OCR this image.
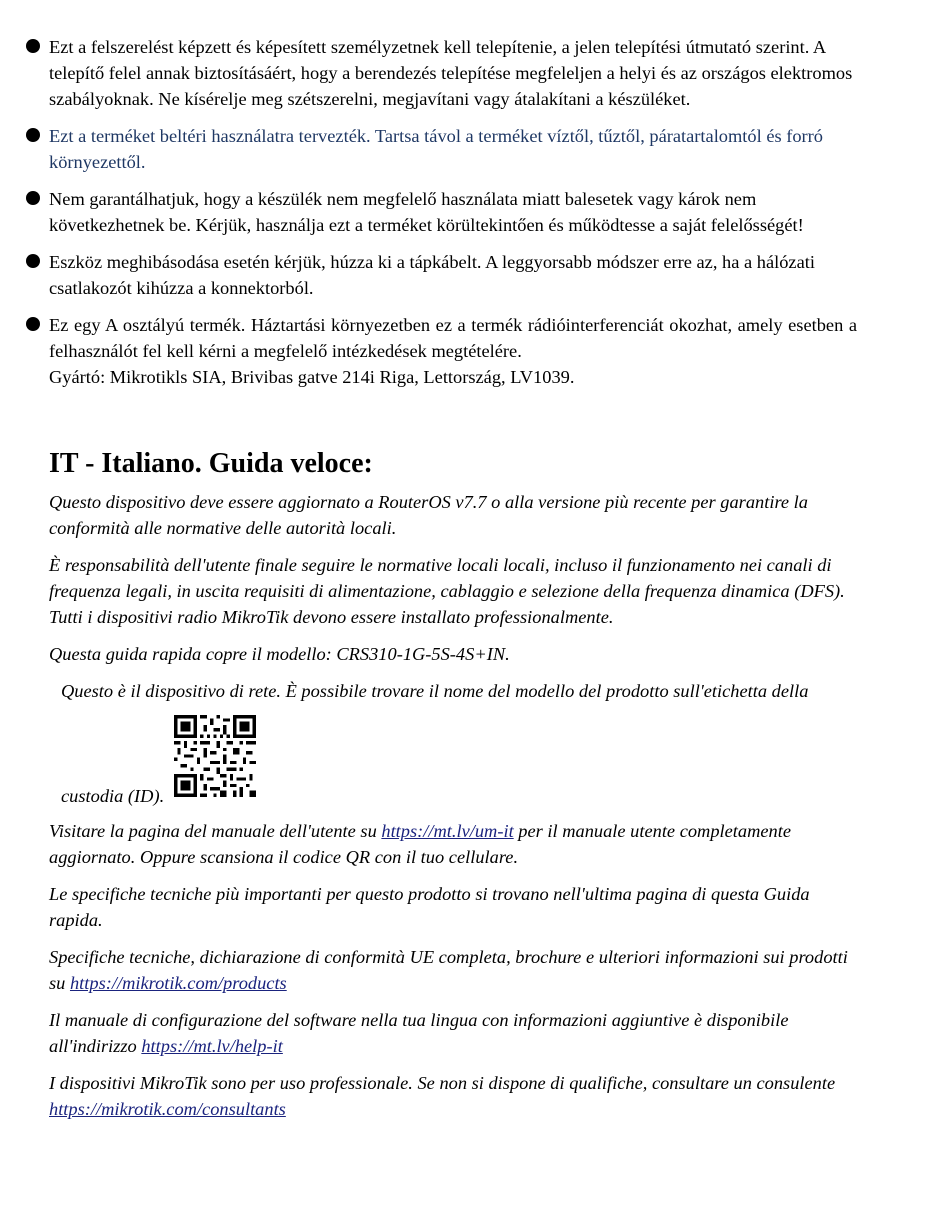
Ezt a felszerelést képzett és képesített személyzetnek kell telepítenie, a jelen telepítési útmutató szerint. A telepítő felel annak biztosításáért, hogy a berendezés telepítése megfeleljen a helyi és az országos elektromos szabályoknak. Ne kísérelje meg szétszerelni, megjavítani vagy átalakítani a készüléket.
Ezt a terméket beltéri használatra tervezték. Tartsa távol a terméket víztől, tűztől, páratartalomtól és forró környezettől.
Nem garantálhatjuk, hogy a készülék nem megfelelő használata miatt balesetek vagy károk nem következhetnek be. Kérjük, használja ezt a terméket körültekintően és működtesse a saját felelősségét!
Eszköz meghibásodása esetén kérjük, húzza ki a tápkábelt. A leggyorsabb módszer erre az, ha a hálózati csatlakozót kihúzza a konnektorból.
Ez egy A osztályú termék. Háztartási környezetben ez a termék rádióinterferenciát okozhat, amely esetben a felhasználót fel kell kérni a megfelelő intézkedések megtételére.
Gyártó: Mikrotikls SIA, Brivibas gatve 214i Riga, Lettország, LV1039.
IT - Italiano. Guida veloce:

Questo dispositivo deve essere aggiornato a RouterOS v7.7 o alla versione più recente per garantire la conformità alle normative delle autorità locali.

È responsabilità dell'utente finale seguire le normative locali locali, incluso il funzionamento nei canali di frequenza legali, in uscita requisiti di alimentazione, cablaggio e selezione della frequenza dinamica (DFS). Tutti i dispositivi radio MikroTik devono essere installato professionalmente.

Questa guida rapida copre il modello: CRS310-1G-5S-4S+IN.

Questo è il dispositivo di rete. È possibile trovare il nome del modello del prodotto sull'etichetta della

custodia (ID).

Visitare la pagina del manuale dell'utente su https://mt.lv/um-it per il manuale utente completamente aggiornato. Oppure scansiona il codice QR con il tuo cellulare.

Le specifiche tecniche più importanti per questo prodotto si trovano nell'ultima pagina di questa Guida rapida.

Specifiche tecniche, dichiarazione di conformità UE completa, brochure e ulteriori informazioni sui prodotti su https://mikrotik.com/products

Il manuale di configurazione del software nella tua lingua con informazioni aggiuntive è disponibile all'indirizzo https://mt.lv/help-it

I dispositivi MikroTik sono per uso professionale. Se non si dispone di qualifiche, consultare un consulente https://mikrotik.com/consultants
